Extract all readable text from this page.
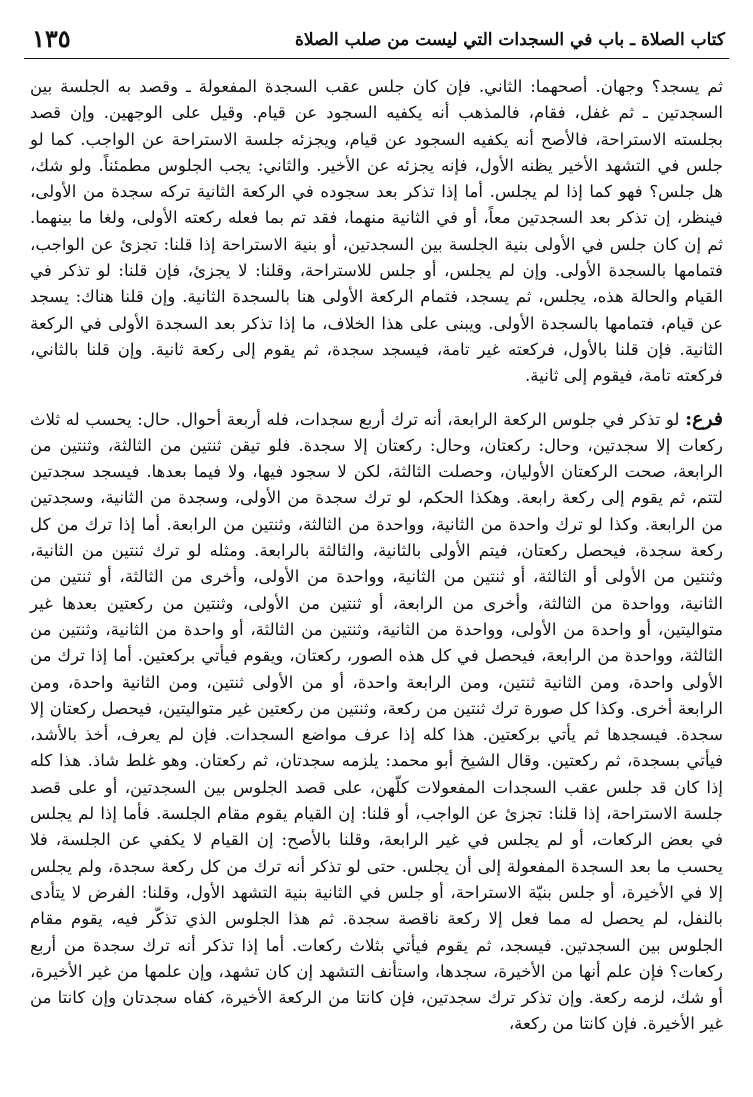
كتاب الصلاة ـ باب في السجدات التي ليست من صلب الصلاة
١٣٥

ثم يسجد؟ وجهان. أصحهما: الثاني. فإن كان جلس عقب السجدة المفعولة ـ وقصد به الجلسة بين السجدتين ـ ثم غفل، فقام، فالمذهب أنه يكفيه السجود عن قيام. وقيل على الوجهين. وإن قصد بجلسته الاستراحة، فالأصح أنه يكفيه السجود عن قيام، ويجزئه جلسة الاستراحة عن الواجب. كما لو جلس في التشهد الأخير يظنه الأول، فإنه يجزئه عن الأخير. والثاني: يجب الجلوس مطمئناً. ولو شك، هل جلس؟ فهو كما إذا لم يجلس. أما إذا تذكر بعد سجوده في الركعة الثانية تركه سجدة من الأولى، فينظر، إن تذكر بعد السجدتين معاً، أو في الثانية منهما، فقد تم بما فعله ركعته الأولى، ولغا ما بينهما. ثم إن كان جلس في الأولى بنية الجلسة بين السجدتين، أو بنية الاستراحة إذا قلنا: تجزئ عن الواجب، فتمامها بالسجدة الأولى. وإن لم يجلس، أو جلس للاستراحة، وقلنا: لا يجزئ، فإن قلنا: لو تذكر في القيام والحالة هذه، يجلس، ثم يسجد، فتمام الركعة الأولى هنا بالسجدة الثانية. وإن قلنا هناك: يسجد عن قيام، فتمامها بالسجدة الأولى. ويبنى على هذا الخلاف، ما إذا تذكر بعد السجدة الأولى في الركعة الثانية. فإن قلنا بالأول، فركعته غير تامة، فيسجد سجدة، ثم يقوم إلى ركعة ثانية. وإن قلنا بالثاني، فركعته تامة، فيقوم إلى ثانية.

فرع: لو تذكر في جلوس الركعة الرابعة، أنه ترك أربع سجدات، فله أربعة أحوال. حال: يحسب له ثلاث ركعات إلا سجدتين، وحال: ركعتان، وحال: ركعتان إلا سجدة. فلو تيقن ثنتين من الثالثة، وثنتين من الرابعة، صحت الركعتان الأوليان، وحصلت الثالثة، لكن لا سجود فيها، ولا فيما بعدها. فيسجد سجدتين لتتم، ثم يقوم إلى ركعة رابعة. وهكذا الحكم، لو ترك سجدة من الأولى، وسجدة من الثانية، وسجدتين من الرابعة. وكذا لو ترك واحدة من الثانية، وواحدة من الثالثة، وثنتين من الرابعة. أما إذا ترك من كل ركعة سجدة، فيحصل ركعتان، فيتم الأولى بالثانية، والثالثة بالرابعة. ومثله لو ترك ثنتين من الثانية، وثنتين من الأولى أو الثالثة، أو ثنتين من الثانية، وواحدة من الأولى، وأخرى من الثالثة، أو ثنتين من الثانية، وواحدة من الثالثة، وأخرى من الرابعة، أو ثنتين من الأولى، وثنتين من ركعتين بعدها غير متواليتين، أو واحدة من الأولى، وواحدة من الثانية، وثنتين من الثالثة، أو واحدة من الثانية، وثنتين من الثالثة، وواحدة من الرابعة، فيحصل في كل هذه الصور، ركعتان، ويقوم فيأتي بركعتين. أما إذا ترك من الأولى واحدة، ومن الثانية ثنتين، ومن الرابعة واحدة، أو من الأولى ثنتين، ومن الثانية واحدة، ومن الرابعة أخرى. وكذا كل صورة ترك ثنتين من ركعة، وثنتين من ركعتين غير متواليتين، فيحصل ركعتان إلا سجدة. فيسجدها ثم يأتي بركعتين. هذا كله إذا عرف مواضع السجدات. فإن لم يعرف، أخذ بالأشد، فيأتي بسجدة، ثم ركعتين. وقال الشيخ أبو محمد: يلزمه سجدتان، ثم ركعتان. وهو غلط شاذ. هذا كله إذا كان قد جلس عقب السجدات المفعولات كلّهن، على قصد الجلوس بين السجدتين، أو على قصد جلسة الاستراحة، إذا قلنا: تجزئ عن الواجب، أو قلنا: إن القيام يقوم مقام الجلسة. فأما إذا لم يجلس في بعض الركعات، أو لم يجلس في غير الرابعة، وقلنا بالأصح: إن القيام لا يكفي عن الجلسة، فلا يحسب ما بعد السجدة المفعولة إلى أن يجلس. حتى لو تذكر أنه ترك من كل ركعة سجدة، ولم يجلس إلا في الأخيرة، أو جلس بنيّة الاستراحة، أو جلس في الثانية بنية التشهد الأول، وقلنا: الفرض لا يتأدى بالنفل، لم يحصل له مما فعل إلا ركعة ناقصة سجدة. ثم هذا الجلوس الذي تذكّر فيه، يقوم مقام الجلوس بين السجدتين. فيسجد، ثم يقوم فيأتي بثلاث ركعات. أما إذا تذكر أنه ترك سجدة من أربع ركعات؟ فإن علم أنها من الأخيرة، سجدها، واستأنف التشهد إن كان تشهد، وإن علمها من غير الأخيرة، أو شك، لزمه ركعة. وإن تذكر ترك سجدتين، فإن كانتا من الركعة الأخيرة، كفاه سجدتان وإن كانتا من غير الأخيرة. فإن كانتا من ركعة،
